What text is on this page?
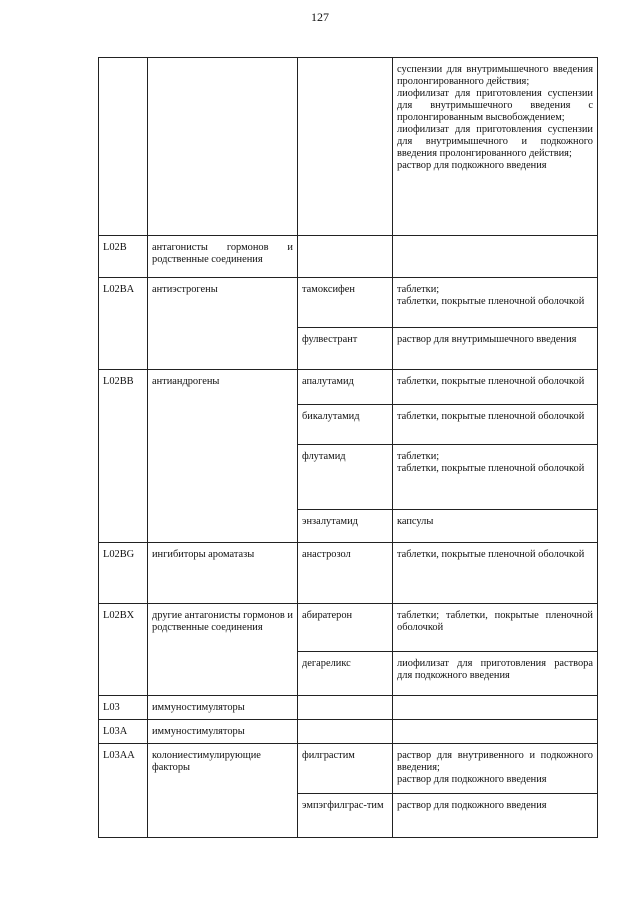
127

			суспензии для внутримышечного введения пролонгированного действия;
лиофилизат для приготовления суспензии для внутримышечного введения с пролонгированным высвобождением;
лиофилизат для приготовления суспензии для внутримышечного и подкожного введения пролонгированного действия;
раствор для подкожного введения

L02B	антагонисты гормонов и родственные соединения		
L02BA	антиэстрогены	тамоксифен	таблетки;
таблетки, покрытые пленочной оболочкой

		фулвестрант	раствор для внутримышечного введения

L02BB	антиандрогены	апалутамид	таблетки, покрытые пленочной оболочкой

		бикалутамид	таблетки, покрытые пленочной оболочкой

		флутамид	таблетки;
таблетки, покрытые пленочной оболочкой

		энзалутамид	капсулы

L02BG	ингибиторы ароматазы	анастрозол	таблетки, покрытые пленочной оболочкой

L02BX	другие антагонисты гормонов и родственные соединения	абиратерон	таблетки; таблетки, покрытые пленочной оболочкой

		дегареликс	лиофилизат для приготовления раствора для подкожного введения

L03	иммуностимуляторы		
L03A	иммуностимуляторы		
L03AA	колониестимулирующие факторы	филграстим	раствор для внутривенного и подкожного введения;
раствор для подкожного введения

		эмпэгфилграс-тим	раствор для подкожного введения
